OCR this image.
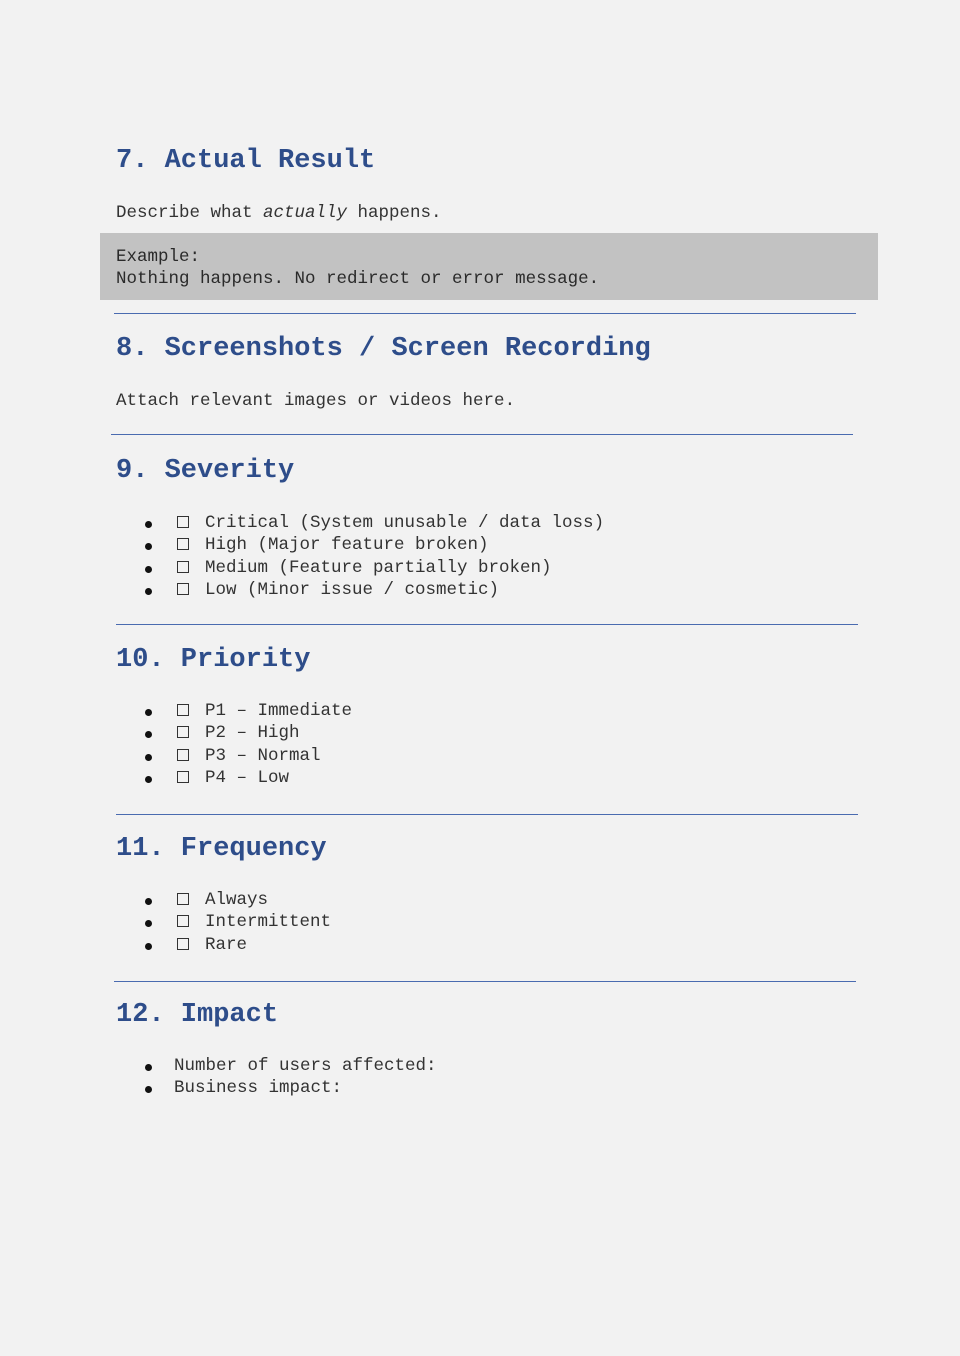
7. Actual Result

Describe what actually happens.

Example:
Nothing happens. No redirect or error message.
8. Screenshots / Screen Recording

Attach relevant images or videos here.

9. Severity
Critical (System unusable / data loss)
High (Major feature broken)
Medium (Feature partially broken)
Low (Minor issue / cosmetic)
10. Priority
P1 – Immediate
P2 – High
P3 – Normal
P4 – Low
11. Frequency
Always
Intermittent
Rare
12. Impact
Number of users affected:
Business impact:
